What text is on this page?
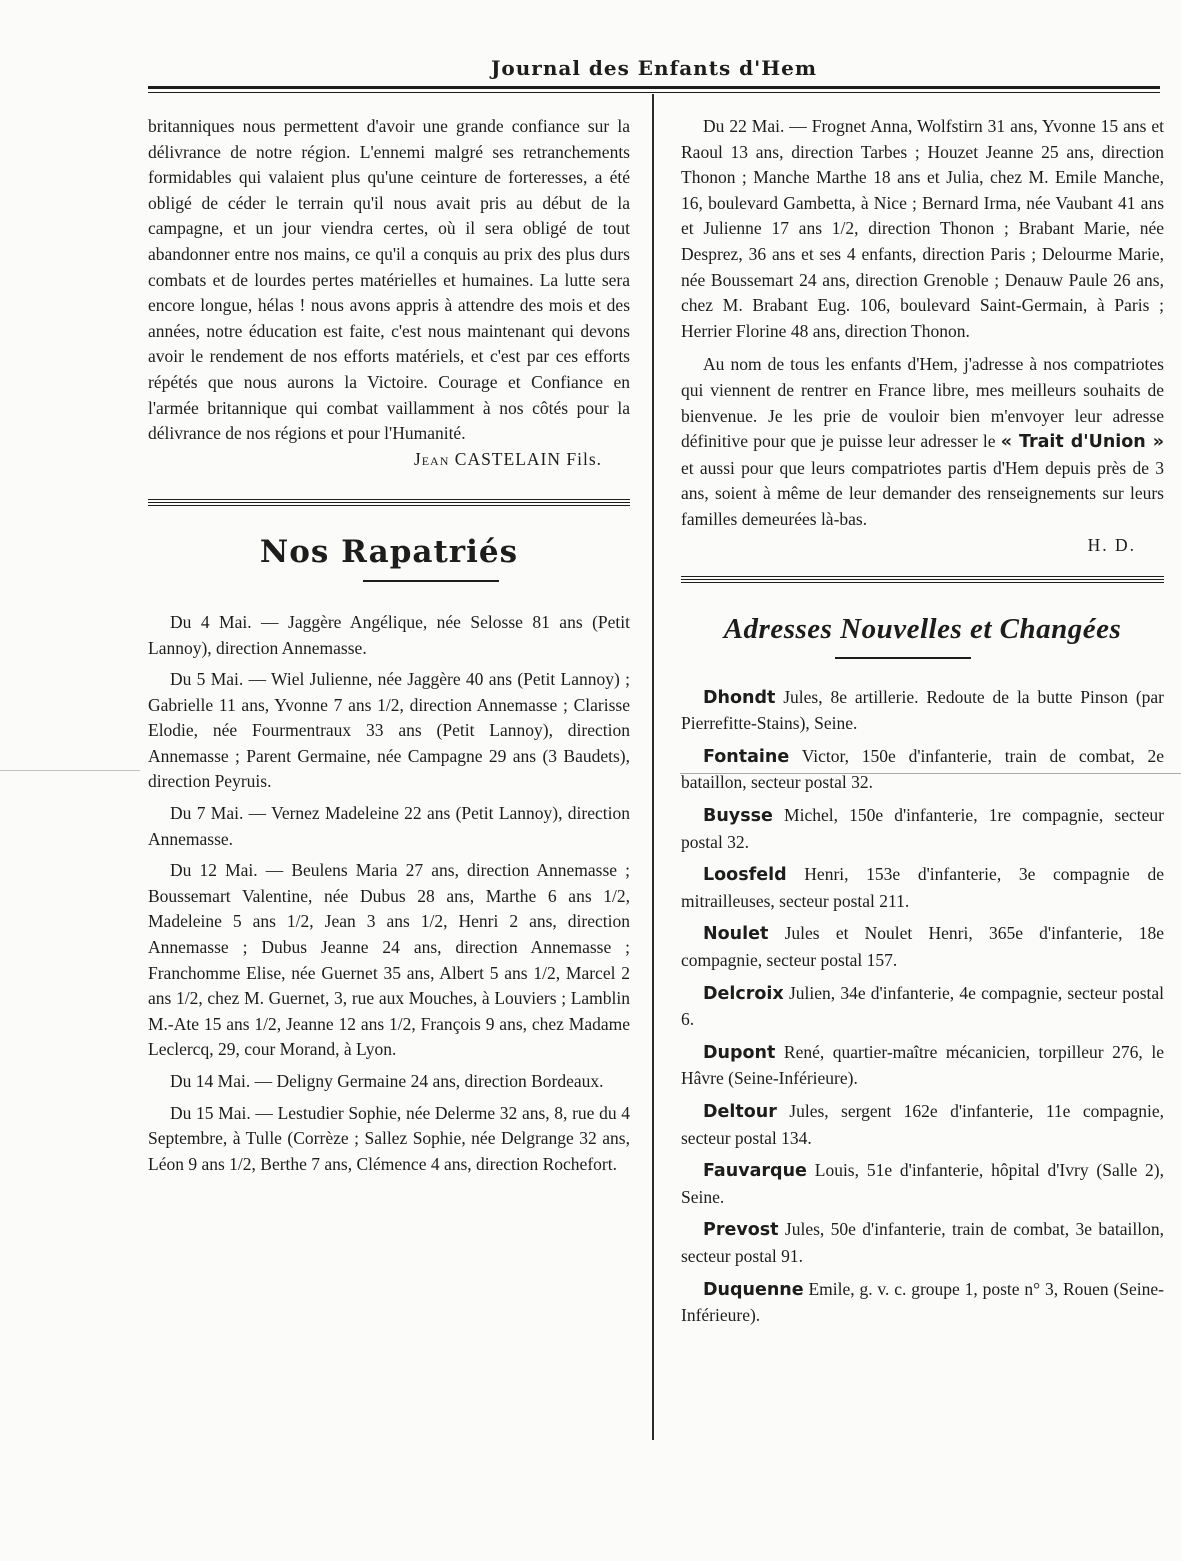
Journal des Enfants d'Hem

britanniques nous permettent d'avoir une grande confiance sur la délivrance de notre région. L'ennemi malgré ses retranchements formidables qui valaient plus qu'une ceinture de forteresses, a été obligé de céder le terrain qu'il nous avait pris au début de la campagne, et un jour viendra certes, où il sera obligé de tout abandonner entre nos mains, ce qu'il a conquis au prix des plus durs combats et de lourdes pertes matérielles et humaines. La lutte sera encore longue, hélas ! nous avons appris à attendre des mois et des années, notre éducation est faite, c'est nous maintenant qui devons avoir le rendement de nos efforts matériels, et c'est par ces efforts répétés que nous aurons la Victoire. Courage et Confiance en l'armée britannique qui combat vaillamment à nos côtés pour la délivrance de nos régions et pour l'Humanité.

Jean CASTELAIN Fils.

Nos Rapatriés

Du 4 Mai. — Jaggère Angélique, née Selosse 81 ans (Petit Lannoy), direction Annemasse.

Du 5 Mai. — Wiel Julienne, née Jaggère 40 ans (Petit Lannoy) ; Gabrielle 11 ans, Yvonne 7 ans 1/2, direction Annemasse ; Clarisse Elodie, née Fourmentraux 33 ans (Petit Lannoy), direction Annemasse ; Parent Germaine, née Campagne 29 ans (3 Baudets), direction Peyruis.

Du 7 Mai. — Vernez Madeleine 22 ans (Petit Lannoy), direction Annemasse.

Du 12 Mai. — Beulens Maria 27 ans, direction Annemasse ; Boussemart Valentine, née Dubus 28 ans, Marthe 6 ans 1/2, Madeleine 5 ans 1/2, Jean 3 ans 1/2, Henri 2 ans, direction Annemasse ; Dubus Jeanne 24 ans, direction Annemasse ; Franchomme Elise, née Guernet 35 ans, Albert 5 ans 1/2, Marcel 2 ans 1/2, chez M. Guernet, 3, rue aux Mouches, à Louviers ; Lamblin M.-Ate 15 ans 1/2, Jeanne 12 ans 1/2, François 9 ans, chez Madame Leclercq, 29, cour Morand, à Lyon.

Du 14 Mai. — Deligny Germaine 24 ans, direction Bordeaux.

Du 15 Mai. — Lestudier Sophie, née Delerme 32 ans, 8, rue du 4 Septembre, à Tulle (Corrèze ; Sallez Sophie, née Delgrange 32 ans, Léon 9 ans 1/2, Berthe 7 ans, Clémence 4 ans, direction Rochefort.

Du 22 Mai. — Frognet Anna, Wolfstirn 31 ans, Yvonne 15 ans et Raoul 13 ans, direction Tarbes ; Houzet Jeanne 25 ans, direction Thonon ; Manche Marthe 18 ans et Julia, chez M. Emile Manche, 16, boulevard Gambetta, à Nice ; Bernard Irma, née Vaubant 41 ans et Julienne 17 ans 1/2, direction Thonon ; Brabant Marie, née Desprez, 36 ans et ses 4 enfants, direction Paris ; Delourme Marie, née Boussemart 24 ans, direction Grenoble ; Denauw Paule 26 ans, chez M. Brabant Eug. 106, boulevard Saint-Germain, à Paris ; Herrier Florine 48 ans, direction Thonon.

Au nom de tous les enfants d'Hem, j'adresse à nos compatriotes qui viennent de rentrer en France libre, mes meilleurs souhaits de bienvenue. Je les prie de vouloir bien m'envoyer leur adresse définitive pour que je puisse leur adresser le « Trait d'Union » et aussi pour que leurs compatriotes partis d'Hem depuis près de 3 ans, soient à même de leur demander des renseignements sur leurs familles demeurées là-bas.

H. D.

Adresses Nouvelles et Changées

Dhondt Jules, 8e artillerie. Redoute de la butte Pinson (par Pierrefitte-Stains), Seine.

Fontaine Victor, 150e d'infanterie, train de combat, 2e bataillon, secteur postal 32.

Buysse Michel, 150e d'infanterie, 1re compagnie, secteur postal 32.

Loosfeld Henri, 153e d'infanterie, 3e compagnie de mitrailleuses, secteur postal 211.

Noulet Jules et Noulet Henri, 365e d'infanterie, 18e compagnie, secteur postal 157.

Delcroix Julien, 34e d'infanterie, 4e compagnie, secteur postal 6.

Dupont René, quartier-maître mécanicien, torpilleur 276, le Hâvre (Seine-Inférieure).

Deltour Jules, sergent 162e d'infanterie, 11e compagnie, secteur postal 134.

Fauvarque Louis, 51e d'infanterie, hôpital d'Ivry (Salle 2), Seine.

Prevost Jules, 50e d'infanterie, train de combat, 3e bataillon, secteur postal 91.

Duquenne Emile, g. v. c. groupe 1, poste n° 3, Rouen (Seine-Inférieure).
